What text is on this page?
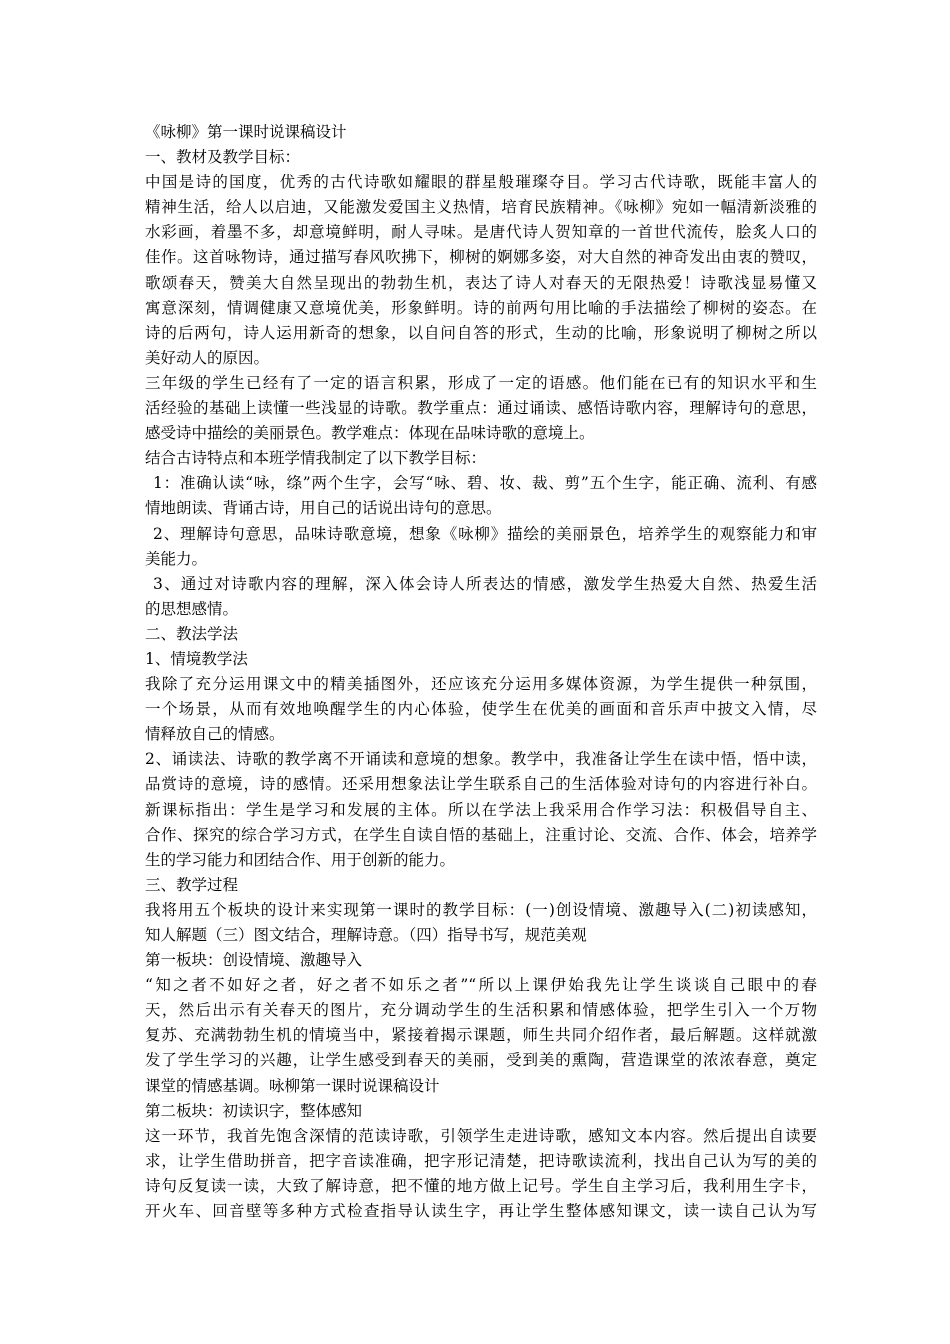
《咏柳》第一课时说课稿设计
一、教材及教学目标：
中国是诗的国度，优秀的古代诗歌如耀眼的群星般璀璨夺目。学习古代诗歌，既能丰富人的
精神生活，给人以启迪，又能激发爱国主义热情，培育民族精神。《咏柳》宛如一幅清新淡雅的
水彩画，着墨不多，却意境鲜明，耐人寻味。是唐代诗人贺知章的一首世代流传，脍炙人口的
佳作。这首咏物诗，通过描写春风吹拂下，柳树的婀娜多姿，对大自然的神奇发出由衷的赞叹，
歌颂春天，赞美大自然呈现出的勃勃生机，表达了诗人对春天的无限热爱！诗歌浅显易懂又
寓意深刻，情调健康又意境优美，形象鲜明。诗的前两句用比喻的手法描绘了柳树的姿态。在
诗的后两句，诗人运用新奇的想象，以自问自答的形式，生动的比喻，形象说明了柳树之所以
美好动人的原因。
三年级的学生已经有了一定的语言积累，形成了一定的语感。他们能在已有的知识水平和生
活经验的基础上读懂一些浅显的诗歌。教学重点：通过诵读、感悟诗歌内容，理解诗句的意思，
感受诗中描绘的美丽景色。教学难点：体现在品味诗歌的意境上。
结合古诗特点和本班学情我制定了以下教学目标：
1：准确认读“咏，绦”两个生字，会写“咏、碧、妆、裁、剪”五个生字，能正确、流利、有感
情地朗读、背诵古诗，用自己的话说出诗句的意思。
2、理解诗句意思，品味诗歌意境，想象《咏柳》描绘的美丽景色，培养学生的观察能力和审
美能力。
3、通过对诗歌内容的理解，深入体会诗人所表达的情感，激发学生热爱大自然、热爱生活
的思想感情。
二、教法学法
1、情境教学法
我除了充分运用课文中的精美插图外，还应该充分运用多媒体资源，为学生提供一种氛围，
一个场景，从而有效地唤醒学生的内心体验，使学生在优美的画面和音乐声中披文入情，尽
情释放自己的情感。
2、诵读法、诗歌的教学离不开诵读和意境的想象。教学中，我准备让学生在读中悟，悟中读，
品赏诗的意境，诗的感情。还采用想象法让学生联系自己的生活体验对诗句的内容进行补白。
新课标指出：学生是学习和发展的主体。所以在学法上我采用合作学习法：积极倡导自主、
合作、探究的综合学习方式，在学生自读自悟的基础上，注重讨论、交流、合作、体会，培养学
生的学习能力和团结合作、用于创新的能力。
三、教学过程
我将用五个板块的设计来实现第一课时的教学目标：(一)创设情境、激趣导入(二)初读感知，
知人解题（三）图文结合，理解诗意。（四）指导书写，规范美观
第一板块：创设情境、激趣导入
“知之者不如好之者，好之者不如乐之者”“所以上课伊始我先让学生谈谈自己眼中的春
天，然后出示有关春天的图片，充分调动学生的生活积累和情感体验，把学生引入一个万物
复苏、充满勃勃生机的情境当中，紧接着揭示课题，师生共同介绍作者，最后解题。这样就激
发了学生学习的兴趣，让学生感受到春天的美丽，受到美的熏陶，营造课堂的浓浓春意，奠定
课堂的情感基调。咏柳第一课时说课稿设计
第二板块：初读识字，整体感知
这一环节，我首先饱含深情的范读诗歌，引领学生走进诗歌，感知文本内容。然后提出自读要
求，让学生借助拼音，把字音读准确，把字形记清楚，把诗歌读流利，找出自己认为写的美的
诗句反复读一读，大致了解诗意，把不懂的地方做上记号。学生自主学习后，我利用生字卡，
开火车、回音壁等多种方式检查指导认读生字，再让学生整体感知课文，读一读自己认为写
